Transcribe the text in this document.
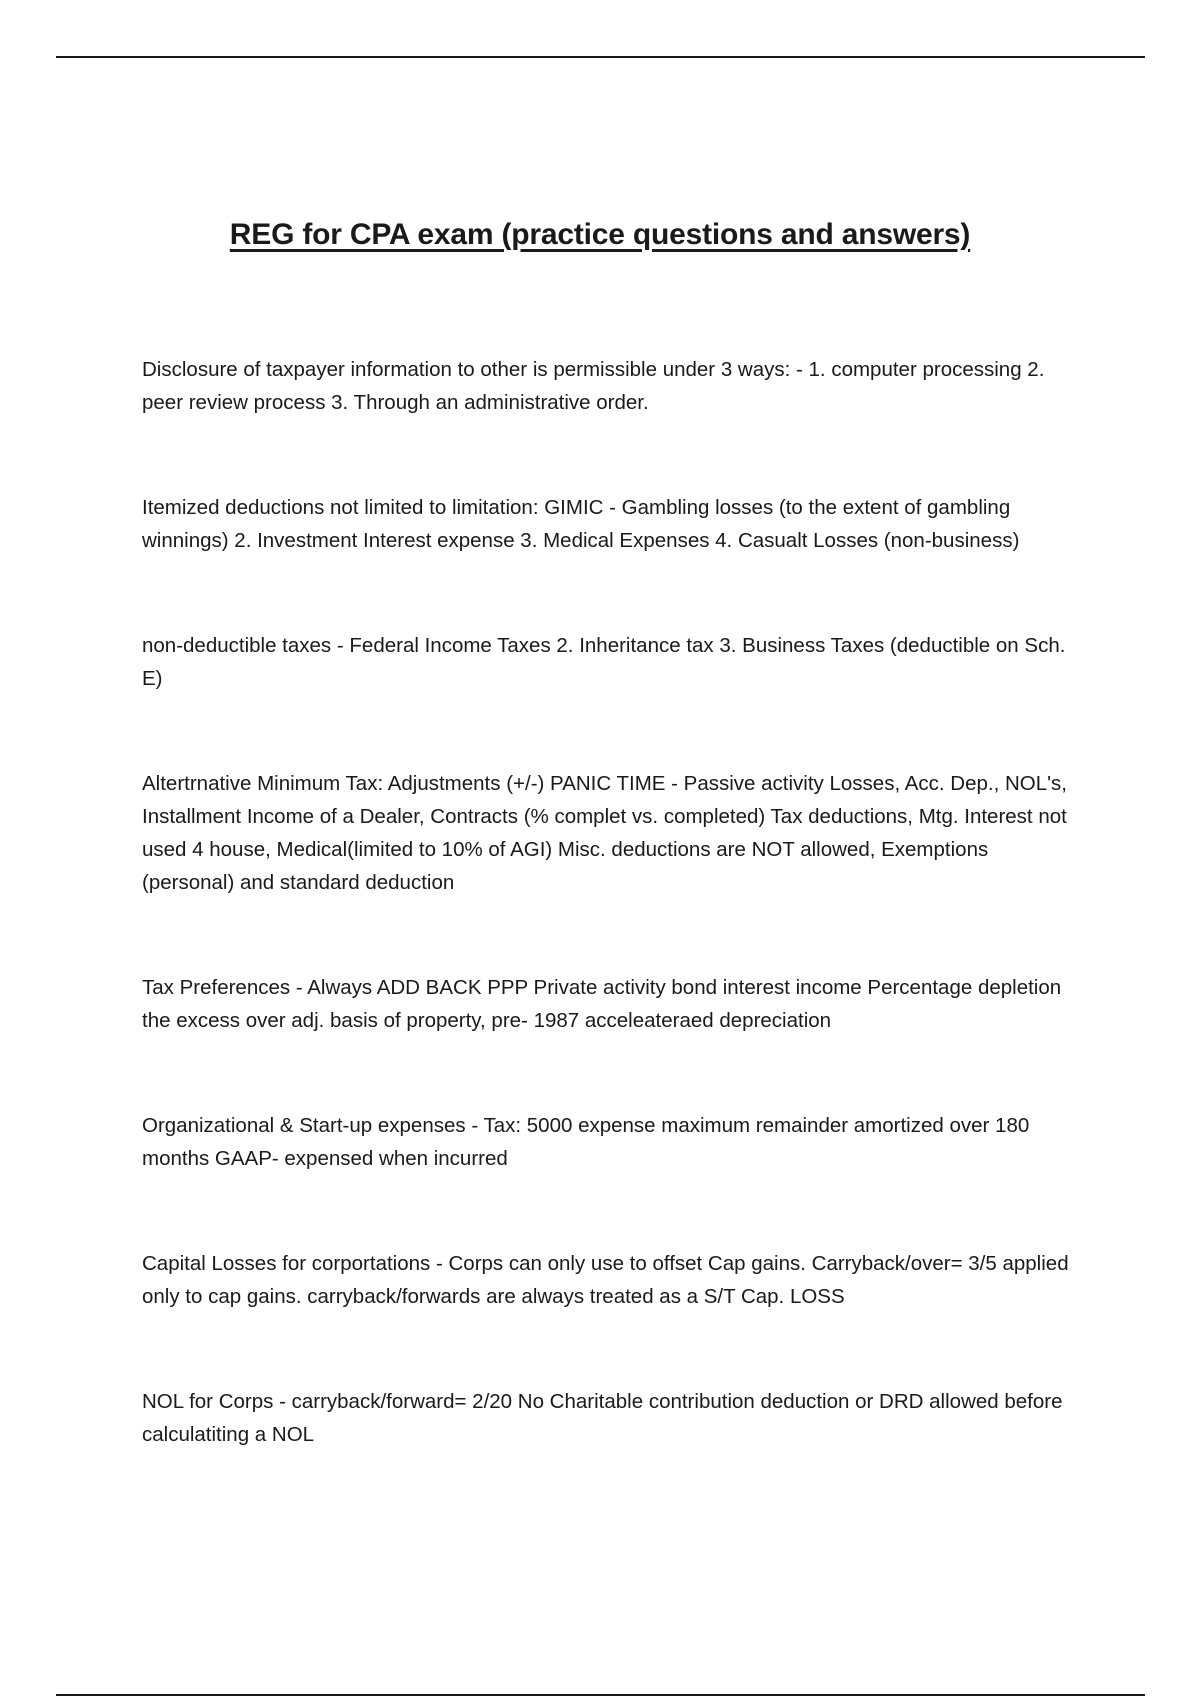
REG for CPA exam (practice questions and answers)

Disclosure of taxpayer information to other is permissible under 3 ways: - 1. computer processing 2. peer review process 3. Through an administrative order.

Itemized deductions not limited to limitation: GIMIC - Gambling losses (to the extent of gambling winnings) 2. Investment Interest expense 3. Medical Expenses 4. Casualt Losses (non-business)

non-deductible taxes - Federal Income Taxes 2. Inheritance tax 3. Business Taxes (deductible on Sch. E)

Altertrnative Minimum Tax: Adjustments (+/-) PANIC TIME - Passive activity Losses, Acc. Dep., NOL's, Installment Income of a Dealer, Contracts (% complet vs. completed) Tax deductions, Mtg. Interest not used 4 house, Medical(limited to 10% of AGI) Misc. deductions are NOT allowed, Exemptions (personal) and standard deduction

Tax Preferences - Always ADD BACK PPP Private activity bond interest income Percentage depletion the excess over adj. basis of property, pre- 1987 acceleateraed depreciation

Organizational & Start-up expenses - Tax: 5000 expense maximum remainder amortized over 180 months GAAP- expensed when incurred

Capital Losses for corportations - Corps can only use to offset Cap gains. Carryback/over= 3/5 applied only to cap gains. carryback/forwards are always treated as a S/T Cap. LOSS

NOL for Corps - carryback/forward= 2/20 No Charitable contribution deduction or DRD allowed before calculatiting a NOL
